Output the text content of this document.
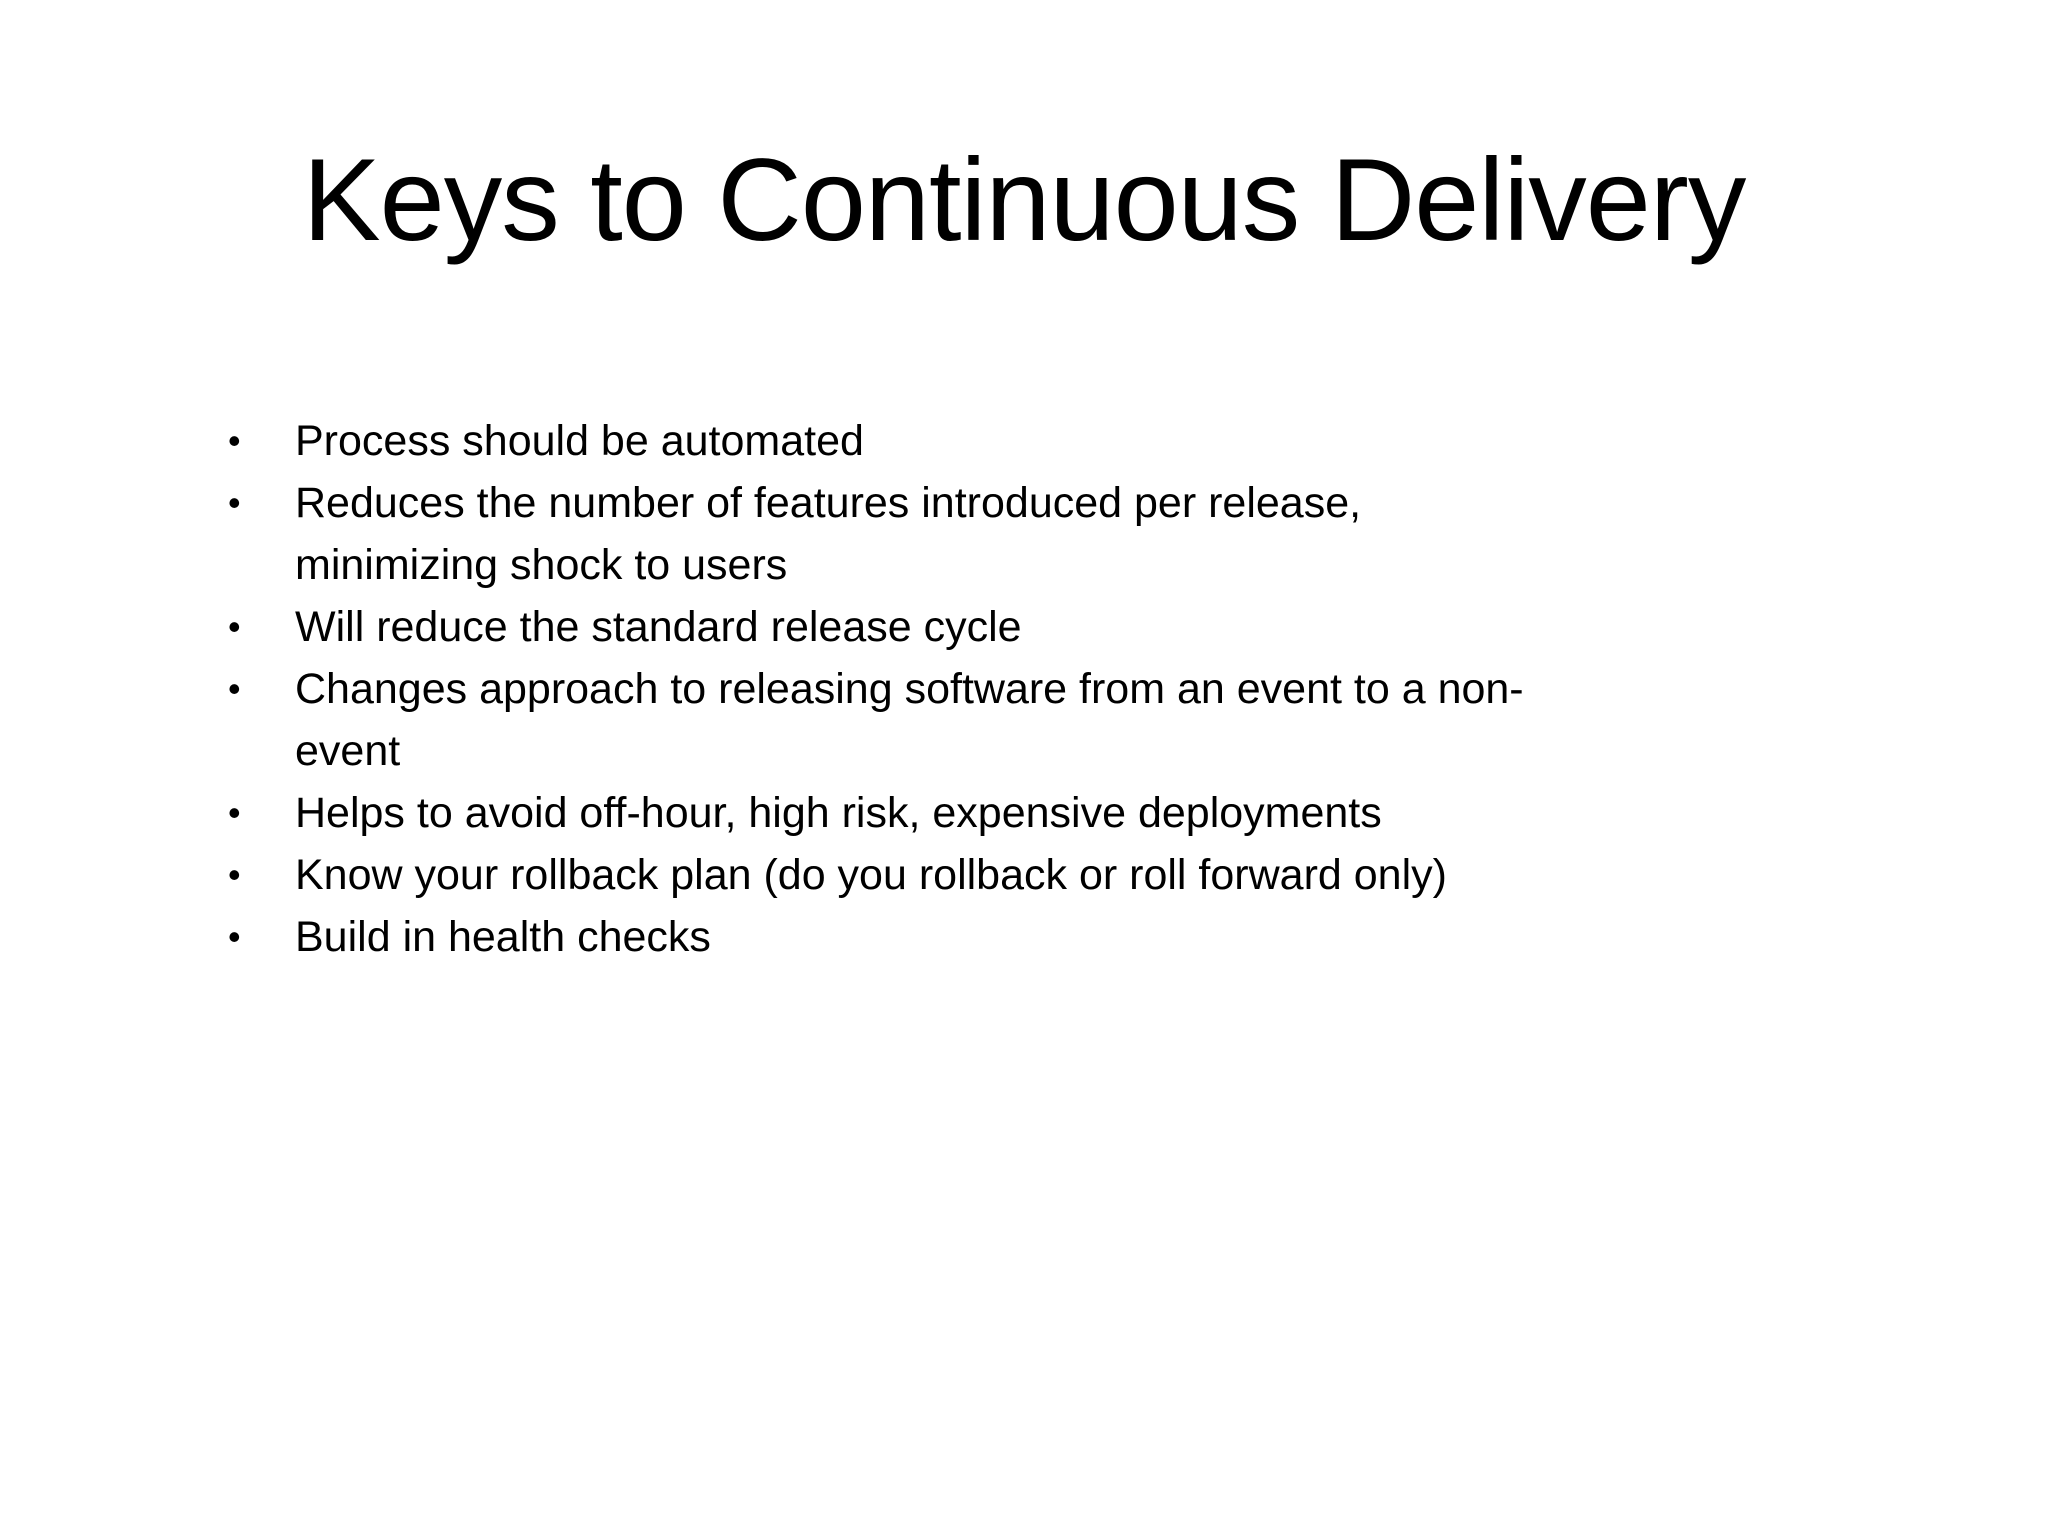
Keys to Continuous Delivery
•	Process should be automated
•	Reduces the number of features introduced per release, minimizing shock to users
•	Will reduce the standard release cycle
•	Changes approach to releasing software from an event to a non-event
•	Helps to avoid off-hour, high risk, expensive deployments
•	Know your rollback plan (do you rollback or roll forward only)
•	Build in health checks
